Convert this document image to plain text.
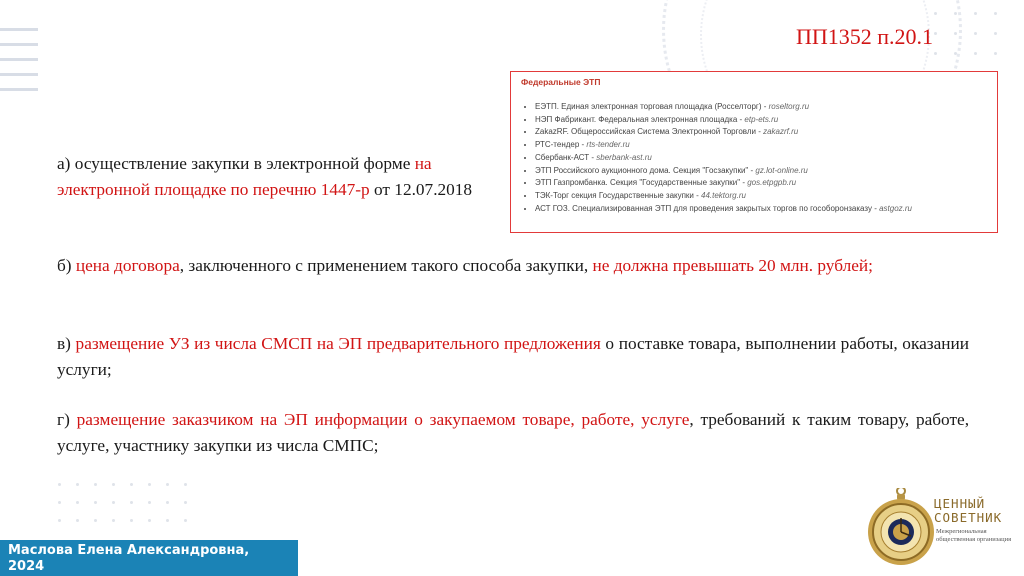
ПП1352 п.20.1
Федеральные ЭТП
• ЕЭТП. Единая электронная торговая площадка (Росселторг) - roseltorg.ru
• НЭП Фабрикант. Федеральная электронная площадка - etp-ets.ru
• ZakazRF. Общероссийская Система Электронной Торговли - zakazrf.ru
• РТС-тендер - rts-tender.ru
• Сбербанк-АСТ - sberbank-ast.ru
• ЭТП Российского аукционного дома. Секция "Госзакупки" - gz.lot-online.ru
• ЭТП Газпромбанка. Секция "Государственные закупки" - gos.etpgpb.ru
• ТЭК-Торг секция Государственные закупки - 44.tektorg.ru
• АСТ ГОЗ. Специализированная ЭТП для проведения закрытых торгов по гособоронзаказу - astgoz.ru
а) осуществление закупки в электронной форме на электронной площадке по перечню 1447-р от 12.07.2018
б) цена договора, заключенного с применением такого способа закупки, не должна превышать 20 млн. рублей;
в) размещение УЗ из числа СМСП на ЭП предварительного предложения о поставке товара, выполнении работы, оказании услуги;
г) размещение заказчиком на ЭП информации о закупаемом товаре, работе, услуге, требований к таким товару, работе, услуге, участнику закупки из числа СМПС;
Маслова Елена Александровна,
2024
ЦЕННЫЙ
СОВЕТНИК
Межрегиональная общественная организация
